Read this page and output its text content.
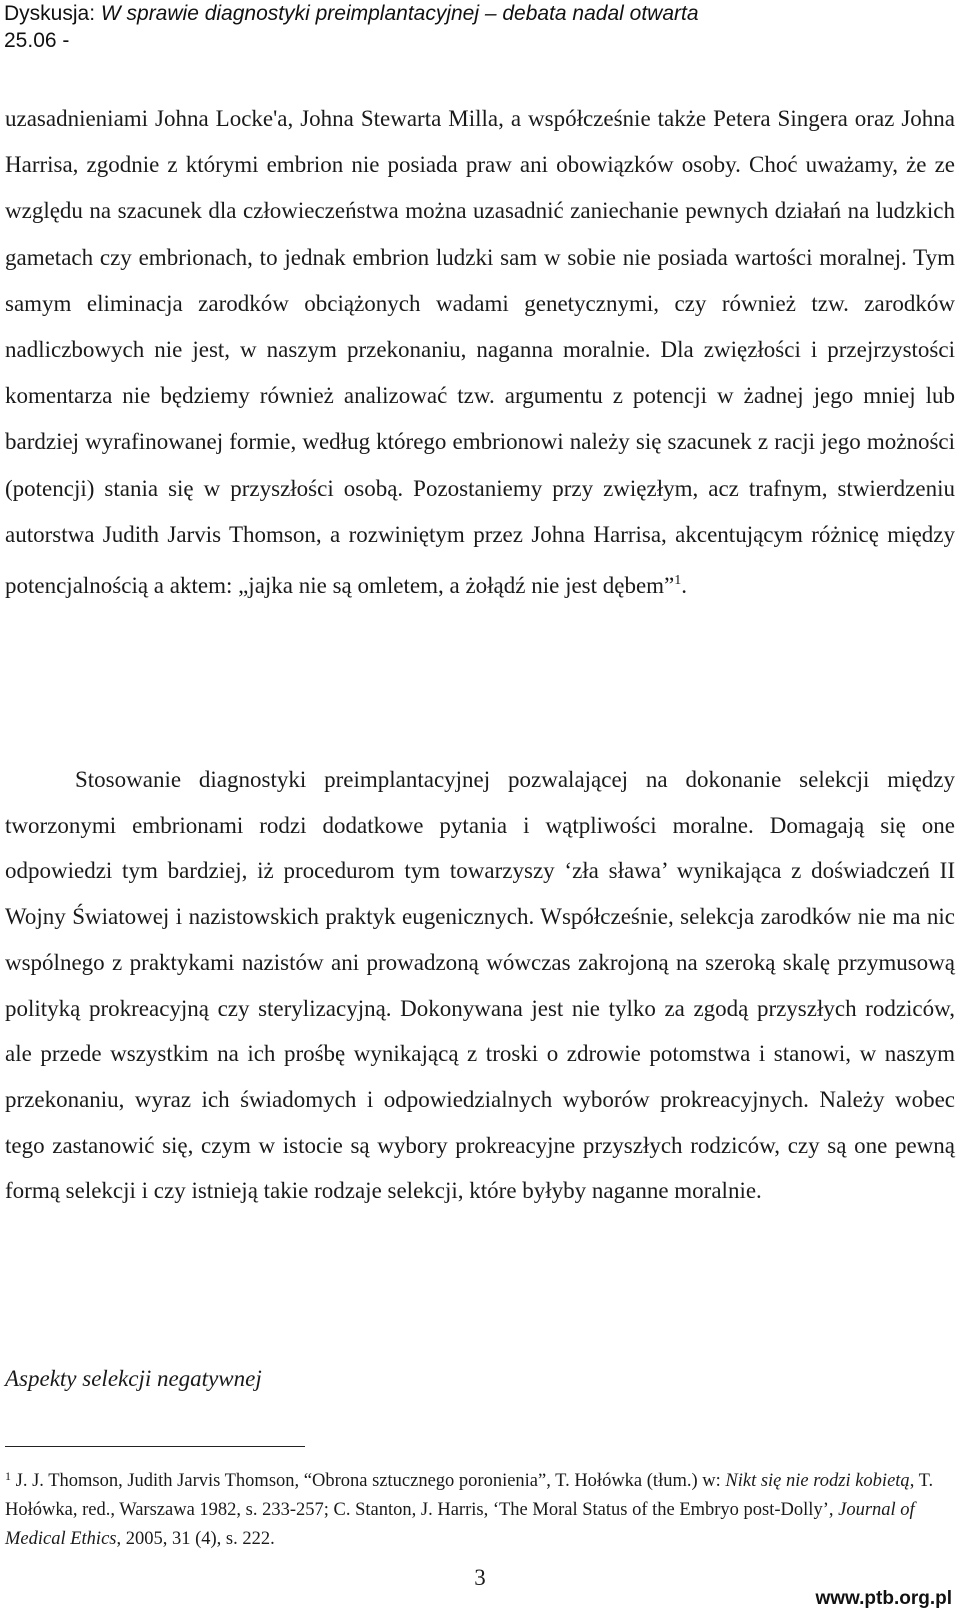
Dyskusja: W sprawie diagnostyki preimplantacyjnej – debata nadal otwarta
25.06 -
uzasadnieniami Johna Locke'a, Johna Stewarta Milla, a współcześnie także Petera Singera oraz Johna Harrisa, zgodnie z którymi embrion nie posiada praw ani obowiązków osoby. Choć uważamy, że ze względu na szacunek dla człowieczeństwa można uzasadnić zaniechanie pewnych działań na ludzkich gametach czy embrionach, to jednak embrion ludzki sam w sobie nie posiada wartości moralnej. Tym samym eliminacja zarodków obciążonych wadami genetycznymi, czy również tzw. zarodków nadliczbowych nie jest, w naszym przekonaniu, naganna moralnie. Dla zwięzłości i przejrzystości komentarza nie będziemy również analizować tzw. argumentu z potencji w żadnej jego mniej lub bardziej wyrafinowanej formie, według którego embrionowi należy się szacunek z racji jego możności (potencji) stania się w przyszłości osobą. Pozostaniemy przy zwięzłym, acz trafnym, stwierdzeniu autorstwa Judith Jarvis Thomson, a rozwiniętym przez Johna Harrisa, akcentującym różnicę między potencjalnością a aktem: „jajka nie są omletem, a żołądź nie jest dębem”$^1$.
Stosowanie diagnostyki preimplantacyjnej pozwalającej na dokonanie selekcji między tworzonymi embrionami rodzi dodatkowe pytania i wątpliwości moralne. Domagają się one odpowiedzi tym bardziej, iż procedurom tym towarzyszy ‘zła sława’ wynikająca z doświadczeń II Wojny Światowej i nazistowskich praktyk eugenicznych. Współcześnie, selekcja zarodków nie ma nic wspólnego z praktykami nazistów ani prowadzoną wówczas zakrojoną na szeroką skalę przymusową polityką prokreacyjną czy sterylizacyjną. Dokonywana jest nie tylko za zgodą przyszłych rodziców, ale przede wszystkim na ich prośbę wynikającą z troski o zdrowie potomstwa i stanowi, w naszym przekonaniu, wyraz ich świadomych i odpowiedzialnych wyborów prokreacyjnych. Należy wobec tego zastanowić się, czym w istocie są wybory prokreacyjne przyszłych rodziców, czy są one pewną formą selekcji i czy istnieją takie rodzaje selekcji, które byłyby naganne moralnie.
Aspekty selekcji negatywnej
$^1$ J. J. Thomson, Judith Jarvis Thomson, “Obrona sztucznego poronienia”, T. Hołówka (tłum.) w: Nikt się nie rodzi kobietą, T. Hołówka, red., Warszawa 1982, s. 233-257; C. Stanton, J. Harris, ‘The Moral Status of the Embryo post-Dolly’, Journal of Medical Ethics, 2005, 31 (4), s. 222.
3
www.ptb.org.pl
